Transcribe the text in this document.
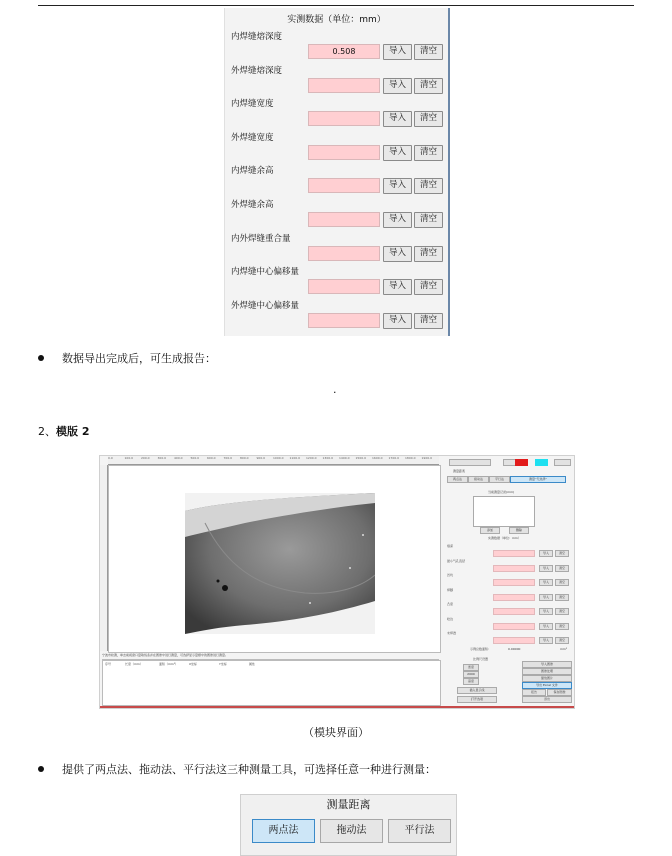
实测数据（单位：mm）
内焊缝熔深度
0.508	导入	清空
外焊缝熔深度
导入	清空
内焊缝宽度
导入	清空
外焊缝宽度
导入	清空
内焊缝余高
导入	清空
外焊缝余高
导入	清空
内外焊缝重合量
导入	清空
内焊缝中心偏移量
导入	清空
外焊缝中心偏移量
导入	清空
数据导出完成后，可生成报告：
·
2、模版 2
0.0	100.0	200.0	300.0	400.0	500.0	600.0	700.0	800.0	900.0	1000.0 1100.0 1200.0 1300.0 1400.0 1500.0 1600.0 1700.0 1800.0 1900.0
宁波市检测，单击前视窗口量取线条并在图像中进行测量，可选择显示量框中的图像进行测量。
序号	长度（mm）	面积（mm²）	X坐标	Y坐标	属性
测量距离
两点法	拖动法	平行法	测量“无选择”
当前测量记录(mm)
添加	删除
实测数据（单位：mm）
熔深
导入	清空
最小气孔直径
导入	清空
凹坑
导入	清空
焊脚
导入	清空
凸度
导入	清空
咬边
导入	清空
未焊透
导入	清空
示例总数面积：	0.00000	mm²
比例尺设置
宽度
2000
高度
插入显示线
打开选项
导入图像
图像处理
缩放图片
导出 Excel 文件
报告	保存图像
退出
（模块界面）
提供了两点法、拖动法、平行法这三种测量工具，可选择任意一种进行测量：
测量距离
两点法	拖动法	平行法
